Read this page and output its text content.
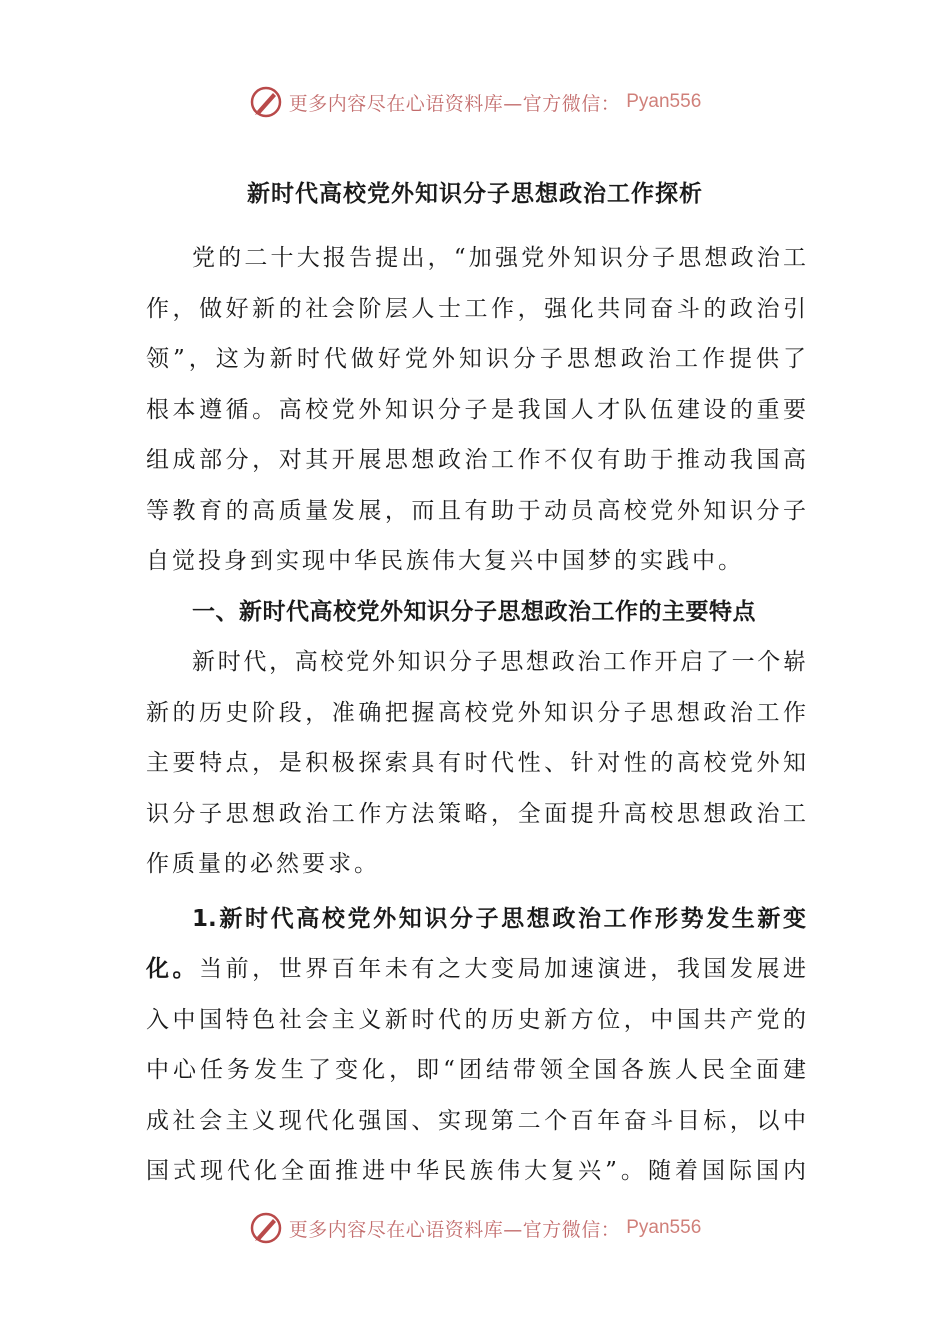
更多内容尽在心语资料库—官方微信： Pyan556
新时代高校党外知识分子思想政治工作探析
党的二十大报告提出，“加强党外知识分子思想政治工
作，做好新的社会阶层人士工作，强化共同奋斗的政治引
领”，这为新时代做好党外知识分子思想政治工作提供了
根本遵循。高校党外知识分子是我国人才队伍建设的重要
组成部分，对其开展思想政治工作不仅有助于推动我国高
等教育的高质量发展，而且有助于动员高校党外知识分子
自觉投身到实现中华民族伟大复兴中国梦的实践中。
一、新时代高校党外知识分子思想政治工作的主要特点
新时代，高校党外知识分子思想政治工作开启了一个崭
新的历史阶段，准确把握高校党外知识分子思想政治工作
主要特点，是积极探索具有时代性、针对性的高校党外知
识分子思想政治工作方法策略，全面提升高校思想政治工
作质量的必然要求。
1.新时代高校党外知识分子思想政治工作形势发生新变
化。当前，世界百年未有之大变局加速演进，我国发展进
入中国特色社会主义新时代的历史新方位，中国共产党的
中心任务发生了变化，即“团结带领全国各族人民全面建
成社会主义现代化强国、实现第二个百年奋斗目标，以中
国式现代化全面推进中华民族伟大复兴”。随着国际国内
更多内容尽在心语资料库—官方微信： Pyan556
